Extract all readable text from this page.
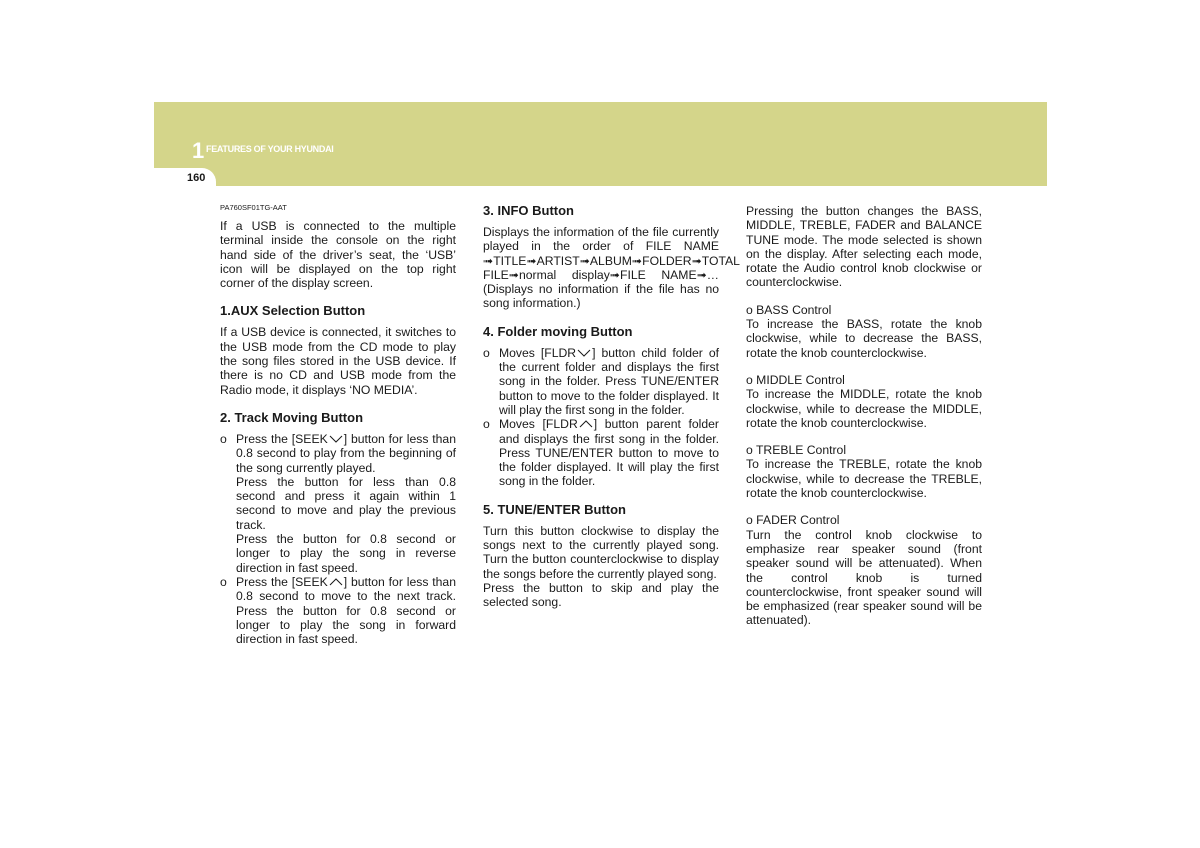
1 FEATURES OF YOUR HYUNDAI
160
PA760SF01TG-AAT

If a USB is connected to the multiple terminal inside the console on the right hand side of the driver’s seat, the ‘USB’ icon will be displayed on the top right corner of the display screen.

1.AUX Selection Button

If a USB device is connected, it switches to the USB mode from the CD mode to play the song files stored in the USB device. If there is no CD and USB mode from the Radio mode, it displays ‘NO MEDIA’.

2. Track Moving Button
o Press the [SEEK ] button for less than 0.8 second to play from the beginning of the song currently played.

Press the button for less than 0.8 second and press it again within 1 second to move and play the previous track.

Press the button for 0.8 second or longer to play the song in reverse direction in fast speed.

o Press the [SEEK ] button for less than 0.8 second to move to the next track. Press the button for 0.8 second or longer to play the song in forward direction in fast speed.

3. INFO Button

Displays the information of the file currently played in the order of FILE NAME ➟TITLE➟ARTIST➟ALBUM➟FOLDER➟TOTAL FILE➟normal display➟FILE NAME➟… (Displays no information if the file has no song information.)

4. Folder moving Button
o Moves [FLDR ] button child folder of the current folder and displays the first song in the folder. Press TUNE/ENTER button to move to the folder displayed. It will play the first song in the folder.

o Moves [FLDR ] button parent folder and displays the first song in the folder. Press TUNE/ENTER button to move to the folder displayed. It will play the first song in the folder.

5. TUNE/ENTER Button

Turn this button clockwise to display the songs next to the currently played song. Turn the button counterclockwise to display the songs before the currently played song.

Press the button to skip and play the selected song.

Pressing the button changes the BASS, MIDDLE, TREBLE, FADER and BALANCE TUNE mode. The mode selected is shown on the display. After selecting each mode, rotate the Audio control knob clockwise or counterclockwise.

o BASS Control

To increase the BASS, rotate the knob clockwise, while to decrease the BASS, rotate the knob counterclockwise.

o MIDDLE Control

To increase the MIDDLE, rotate the knob clockwise, while to decrease the MIDDLE, rotate the knob counterclockwise.

o TREBLE Control

To increase the TREBLE, rotate the knob clockwise, while to decrease the TREBLE, rotate the knob counterclockwise.

o FADER Control

Turn the control knob clockwise to emphasize rear speaker sound (front speaker sound will be attenuated). When the control knob is turned counterclockwise, front speaker sound will be emphasized (rear speaker sound will be attenuated).
